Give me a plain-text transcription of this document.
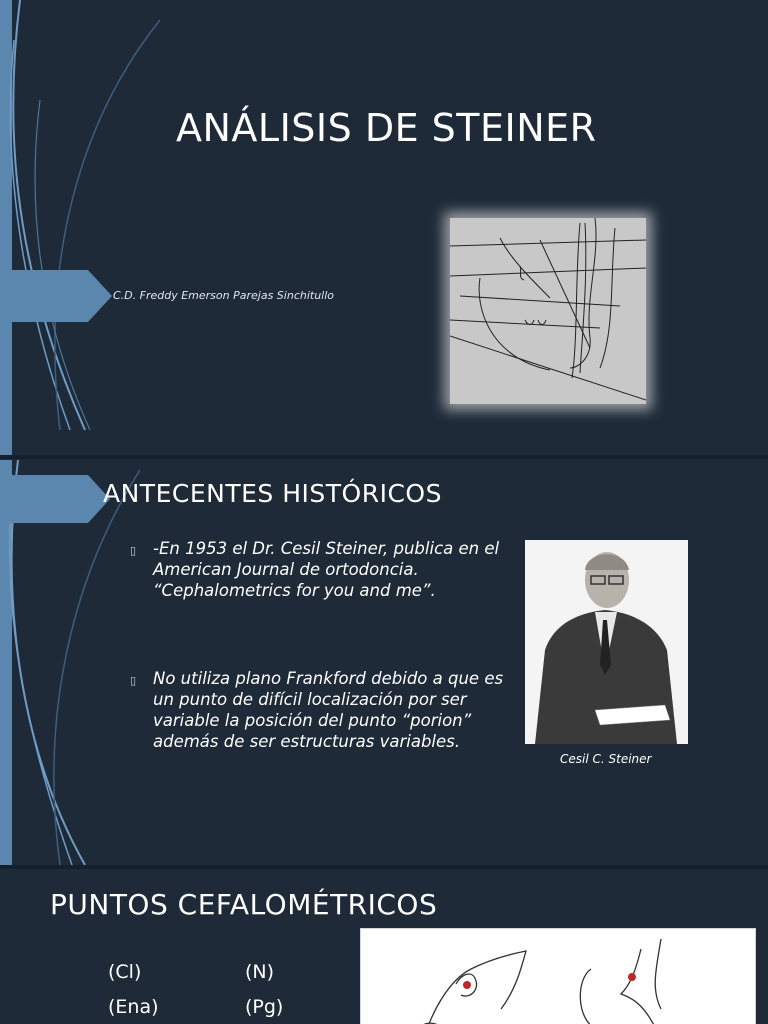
ANÁLISIS DE STEINER
C.D. Freddy Emerson Parejas Sinchitullo
ANTECENTES HISTÓRICOS
▯	-En 1953 el Dr. Cesil Steiner, publica en el American Journal de ortodoncia. “Cephalometrics for you and me”.
▯	No utiliza plano Frankford debido a que es un punto de difícil localización por ser variable la posición del punto “porion” además de ser estructuras variables.
Cesil C. Steiner
PUNTOS CEFALOMÉTRICOS
(Cl)	(N)
(Ena)	(Pg)
